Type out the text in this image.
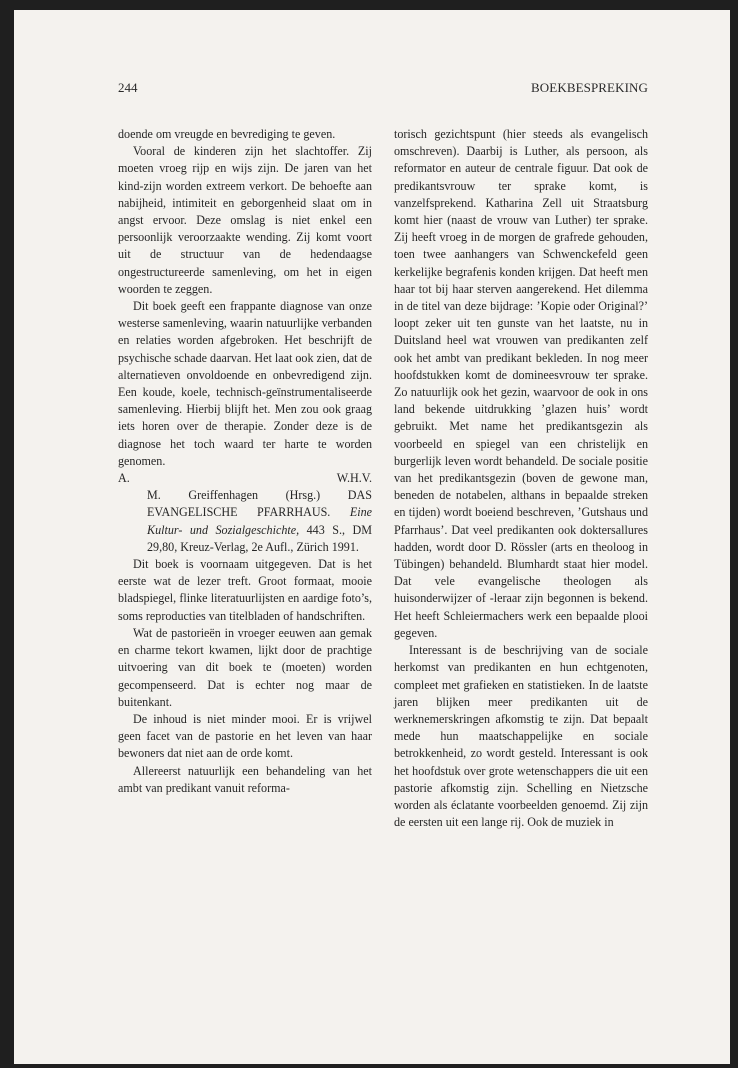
244	BOEKBESPREKING

doende om vreugde en bevrediging te geven.

Vooral de kinderen zijn het slachtoffer. Zij moeten vroeg rijp en wijs zijn. De jaren van het kind-zijn worden extreem verkort. De behoefte aan nabijheid, intimiteit en geborgenheid slaat om in angst ervoor. Deze omslag is niet enkel een persoonlijk veroorzaakte wending. Zij komt voort uit de structuur van de hedendaagse ongestructureerde samenleving, om het in eigen woorden te zeggen.

Dit boek geeft een frappante diagnose van onze westerse samenleving, waarin natuurlijke verbanden en relaties worden afgebroken. Het beschrijft de psychische schade daarvan. Het laat ook zien, dat de alternatieven onvoldoende en onbevredigend zijn. Een koude, koele, technisch-geïnstrumentaliseerde samenleving. Hierbij blijft het. Men zou ook graag iets horen over de therapie. Zonder deze is de diagnose het toch waard ter harte te worden genomen.

A.	W.H.V.

M. Greiffenhagen (Hrsg.) DAS EVANGELISCHE PFARRHAUS. Eine Kultur- und Sozialgeschichte, 443 S., DM 29,80, Kreuz-Verlag, 2e Aufl., Zürich 1991.

Dit boek is voornaam uitgegeven. Dat is het eerste wat de lezer treft. Groot formaat, mooie bladspiegel, flinke literatuurlijsten en aardige foto’s, soms reproducties van titelbladen of handschriften.

Wat de pastorieën in vroeger eeuwen aan gemak en charme tekort kwamen, lijkt door de prachtige uitvoering van dit boek te (moeten) worden gecompenseerd. Dat is echter nog maar de buitenkant.

De inhoud is niet minder mooi. Er is vrijwel geen facet van de pastorie en het leven van haar bewoners dat niet aan de orde komt.

Allereerst natuurlijk een behandeling van het ambt van predikant vanuit reforma-

torisch gezichtspunt (hier steeds als evangelisch omschreven). Daarbij is Luther, als persoon, als reformator en auteur de centrale figuur. Dat ook de predikantsvrouw ter sprake komt, is vanzelfsprekend. Katharina Zell uit Straatsburg komt hier (naast de vrouw van Luther) ter sprake. Zij heeft vroeg in de morgen de grafrede gehouden, toen twee aanhangers van Schwenckefeld geen kerkelijke begrafenis konden krijgen. Dat heeft men haar tot bij haar sterven aangerekend. Het dilemma in de titel van deze bijdrage: ’Kopie oder Original?’ loopt zeker uit ten gunste van het laatste, nu in Duitsland heel wat vrouwen van predikanten zelf ook het ambt van predikant bekleden. In nog meer hoofdstukken komt de domineesvrouw ter sprake. Zo natuurlijk ook het gezin, waarvoor de ook in ons land bekende uitdrukking ’glazen huis’ wordt gebruikt. Met name het predikantsgezin als voorbeeld en spiegel van een christelijk en burgerlijk leven wordt behandeld. De sociale positie van het predikantsgezin (boven de gewone man, beneden de notabelen, althans in bepaalde streken en tijden) wordt boeiend beschreven, ’Gutshaus und Pfarrhaus’. Dat veel predikanten ook doktersallures hadden, wordt door D. Rössler (arts en theoloog in Tübingen) behandeld. Blumhardt staat hier model. Dat vele evangelische theologen als huisonderwijzer of -leraar zijn begonnen is bekend. Het heeft Schleiermachers werk een bepaalde plooi gegeven.

Interessant is de beschrijving van de sociale herkomst van predikanten en hun echtgenoten, compleet met grafieken en statistieken. In de laatste jaren blijken meer predikanten uit de werknemerskringen afkomstig te zijn. Dat bepaalt mede hun maatschappelijke en sociale betrokkenheid, zo wordt gesteld. Interessant is ook het hoofdstuk over grote wetenschappers die uit een pastorie afkomstig zijn. Schelling en Nietzsche worden als éclatante voorbeelden genoemd. Zij zijn de eersten uit een lange rij. Ook de muziek in
